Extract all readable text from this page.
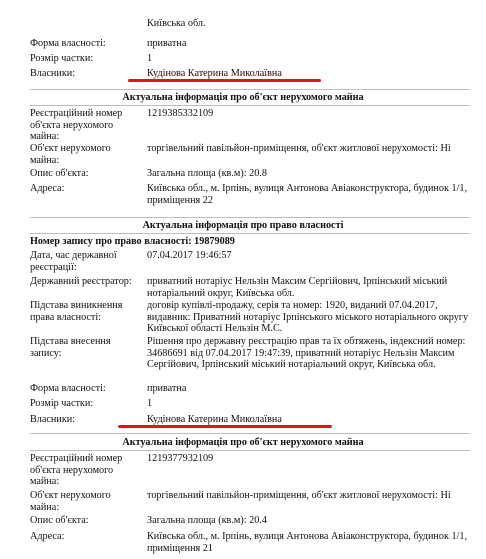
Київська обл.
Форма власності:	приватна
Розмір частки:	1
Власники:	Кудінова Катерина Миколаївна
Актуальна інформація про об'єкт нерухомого майна
Реєстраційний номер об'єкта нерухомого майна:
1219385332109
Об'єкт нерухомого майна:
торгівельний павільйон-приміщення, об'єкт житлової нерухомості: Ні
Опис об'єкта:	Загальна площа (кв.м): 20.8
Адреса:	Київська обл., м. Ірпінь, вулиця Антонова Авіаконструктора, будинок 1/1, приміщення 22
Актуальна інформація про право власності
Номер запису про право власності: 19879089
Дата, час державної реєстрації:
07.04.2017 19:46:57
Державний реєстратор:	приватний нотаріус Нельзін Максим Сергійович, Ірпінський міський нотаріальний округ, Київська обл.
Підстава виникнення права власності:
договір купівлі-продажу, серія та номер: 1920, виданий 07.04.2017, видавник: Приватний нотаріус Ірпінського міського нотаріального округу Київської області Нельзін М.С.
Підстава внесення запису:
Рішення про державну реєстрацію прав та їх обтяжень, індексний номер: 34686691 від 07.04.2017 19:47:39, приватний нотаріус Нельзін Максим Сергійович, Ірпінський міський нотаріальний округ, Київська обл.
Форма власності:	приватна
Розмір частки:	1
Власники:	Кудінова Катерина Миколаївна
Актуальна інформація про об'єкт нерухомого майна
Реєстраційний номер об'єкта нерухомого майна:
1219377932109
Об'єкт нерухомого майна:
торгівельний павільйон-приміщення, об'єкт житлової нерухомості: Ні
Опис об'єкта:	Загальна площа (кв.м): 20.4
Адреса:	Київська обл., м. Ірпінь, вулиця Антонова Авіаконструктора, будинок 1/1, приміщення 21
